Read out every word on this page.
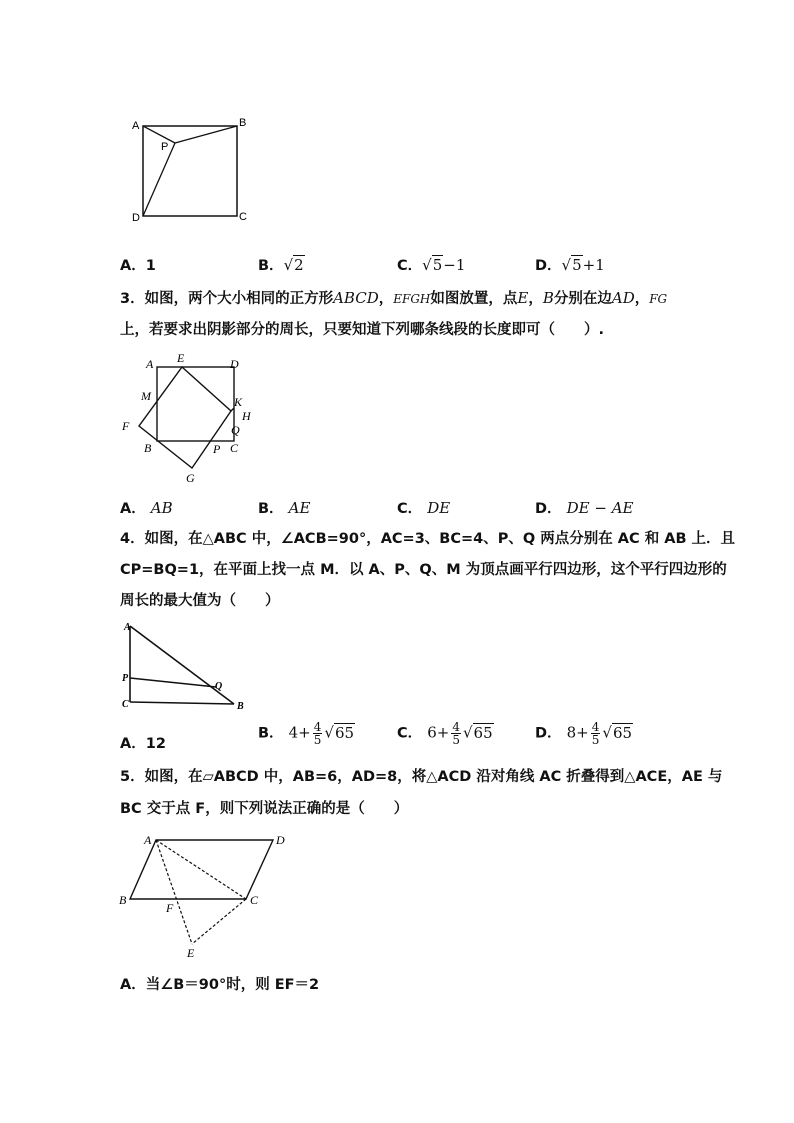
A	B
C
D
P
A．1	B．√2	C．√5−1	D．√5+1
3．如图，两个大小相同的正方形ABCD，EFGH如图放置，点E，B分别在边AD，FG
上，若要求出阴影部分的周长，只要知道下列哪条线段的长度即可（　　）.
A E	D
M	K
H
F	Q
B	P C
G
A． AB	B． AE	C． DE	D． DE − AE
4．如图，在△ABC 中，∠ACB=90°，AC=3、BC=4、P、Q 两点分别在 AC 和 AB 上．且
CP=BQ=1，在平面上找一点 M．以 A、P、Q、M 为顶点画平行四边形，这个平行四边形的
周长的最大值为（　　）
A
P
Q
C	B
A．12
B． $4+ \frac{4}{5} √65$	C． $6+ \frac{4}{5} √65$	D． $8+ \frac{4}{5} √65$
5．如图，在▱ABCD 中，AB=6，AD=8，将△ACD 沿对角线 AC 折叠得到△ACE，AE 与
BC 交于点 F，则下列说法正确的是（　　）
A	D
B
F
C
E
A．当∠B＝90°时，则 EF＝2
